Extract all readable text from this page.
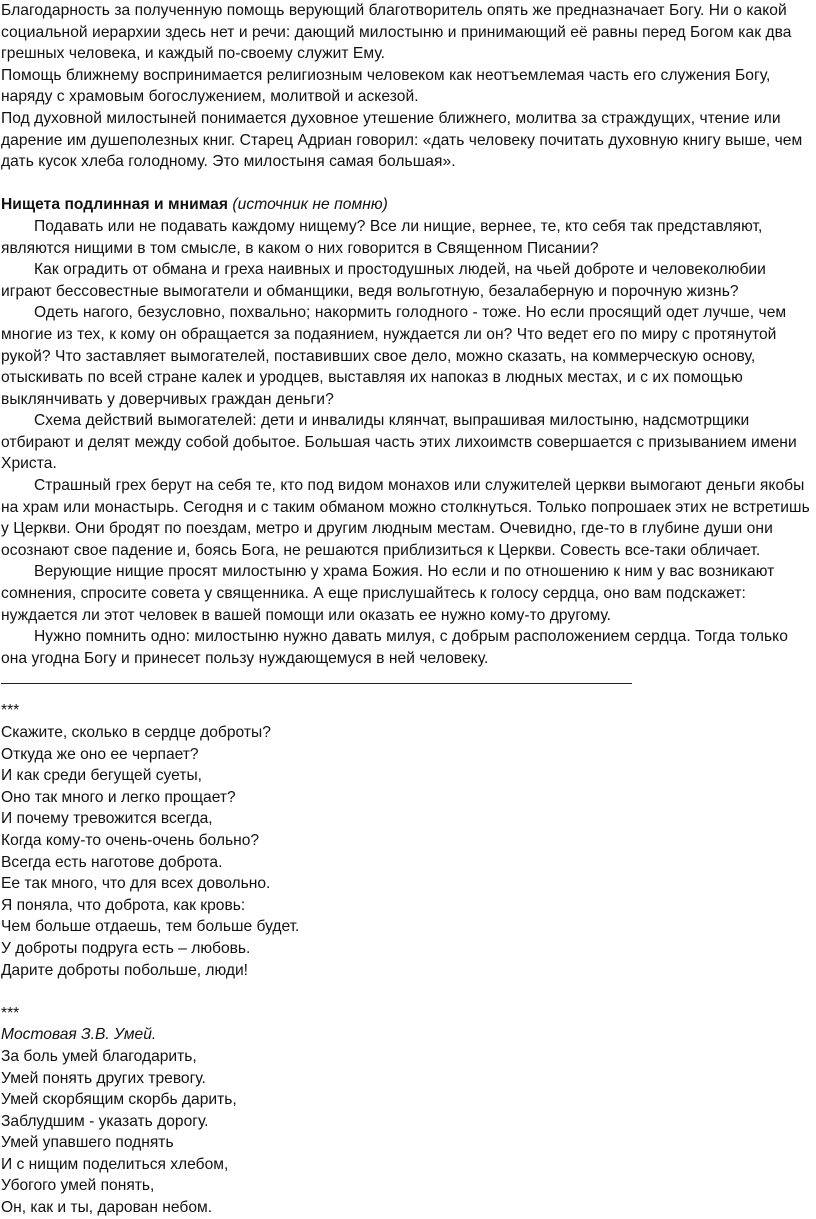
Благодарность за полученную помощь верующий благотворитель опять же предназначает Богу. Ни о какой социальной иерархии здесь нет и речи: дающий милостыню и принимающий её равны перед Богом как два грешных человека, и каждый по-своему служит Ему.

Помощь ближнему воспринимается религиозным человеком как неотъемлемая часть его служения Богу, наряду с храмовым богослужением, молитвой и аскезой.

Под духовной милостыней понимается духовное утешение ближнего, молитва за страждущих, чтение или дарение им душеполезных книг. Старец Адриан говорил: «дать человеку почитать духовную книгу выше, чем дать кусок хлеба голодному. Это милостыня самая большая».

Нищета подлинная и мнимая (источник не помню)

Подавать или не подавать каждому нищему? Все ли нищие, вернее, те, кто себя так представляют, являются нищими в том смысле, в каком о них говорится в Священном Писании?

Как оградить от обмана и греха наивных и простодушных людей, на чьей доброте и человеколюбии играют бессовестные вымогатели и обманщики, ведя вольготную, безалаберную и порочную жизнь?

Одеть нагого, безусловно, похвально; накормить голодного - тоже. Но если просящий одет лучше, чем многие из тех, к кому он обращается за подаянием, нуждается ли он? Что ведет его по миру с протянутой рукой? Что заставляет вымогателей, поставивших свое дело, можно сказать, на коммерческую основу, отыскивать по всей стране калек и уродцев, выставляя их напоказ в людных местах, и с их помощью выклянчивать у доверчивых граждан деньги?

Схема действий вымогателей: дети и инвалиды клянчат, выпрашивая милостыню, надсмотрщики отбирают и делят между собой добытое. Большая часть этих лихоимств совершается с призыванием имени Христа.

Страшный грех берут на себя те, кто под видом монахов или служителей церкви вымогают деньги якобы на храм или монастырь. Сегодня и с таким обманом можно столкнуться. Только попрошаек этих не встретишь у Церкви. Они бродят по поездам, метро и другим людным местам. Очевидно, где-то в глубине души они осознают свое падение и, боясь Бога, не решаются приблизиться к Церкви. Совесть все-таки обличает.

Верующие нищие просят милостыню у храма Божия. Но если и по отношению к ним у вас возникают сомнения, спросите совета у священника. А еще прислушайтесь к голосу сердца, оно вам подскажет: нуждается ли этот человек в вашей помощи или оказать ее нужно кому-то другому.

Нужно помнить одно: милостыню нужно давать милуя, с добрым расположением сердца. Тогда только она угодна Богу и принесет пользу нуждающемуся в ней человеку.

***

Скажите, сколько в сердце доброты?
Откуда же оно ее черпает?
И как среди бегущей суеты,
Оно так много и легко прощает?
И почему тревожится всегда,
Когда кому-то очень-очень больно?
Всегда есть наготове доброта.
Ее так много, что для всех довольно.
Я поняла, что доброта, как кровь:
Чем больше отдаешь, тем больше будет.
У доброты подруга есть – любовь.
Дарите доброты побольше, люди!

***

Мостовая З.В. Умей.
За боль умей благодарить,
Умей понять других тревогу.
Умей скорбящим скорбь дарить,
Заблудшим - указать дорогу.
Умей упавшего поднять
И с нищим поделиться хлебом,
Убогого умей понять,
Он, как и ты, дарован небом.
